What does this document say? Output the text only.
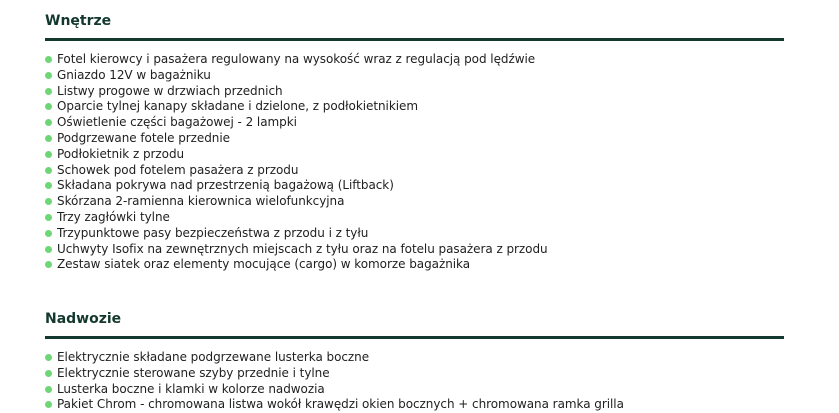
Wnętrze
Fotel kierowcy i pasażera regulowany na wysokość wraz z regulacją pod lędźwie
Gniazdo 12V w bagażniku
Listwy progowe w drzwiach przednich
Oparcie tylnej kanapy składane i dzielone, z podłokietnikiem
Oświetlenie części bagażowej - 2 lampki
Podgrzewane fotele przednie
Podłokietnik z przodu
Schowek pod fotelem pasażera z przodu
Składana pokrywa nad przestrzenią bagażową (Liftback)
Skórzana 2-ramienna kierownica wielofunkcyjna
Trzy zagłówki tylne
Trzypunktowe pasy bezpieczeństwa z przodu i z tyłu
Uchwyty Isofix na zewnętrznych miejscach z tyłu oraz na fotelu pasażera z przodu
Zestaw siatek oraz elementy mocujące (cargo) w komorze bagażnika
Nadwozie
Elektrycznie składane podgrzewane lusterka boczne
Elektrycznie sterowane szyby przednie i tylne
Lusterka boczne i klamki w kolorze nadwozia
Pakiet Chrom - chromowana listwa wokół krawędzi okien bocznych + chromowana ramka grilla
